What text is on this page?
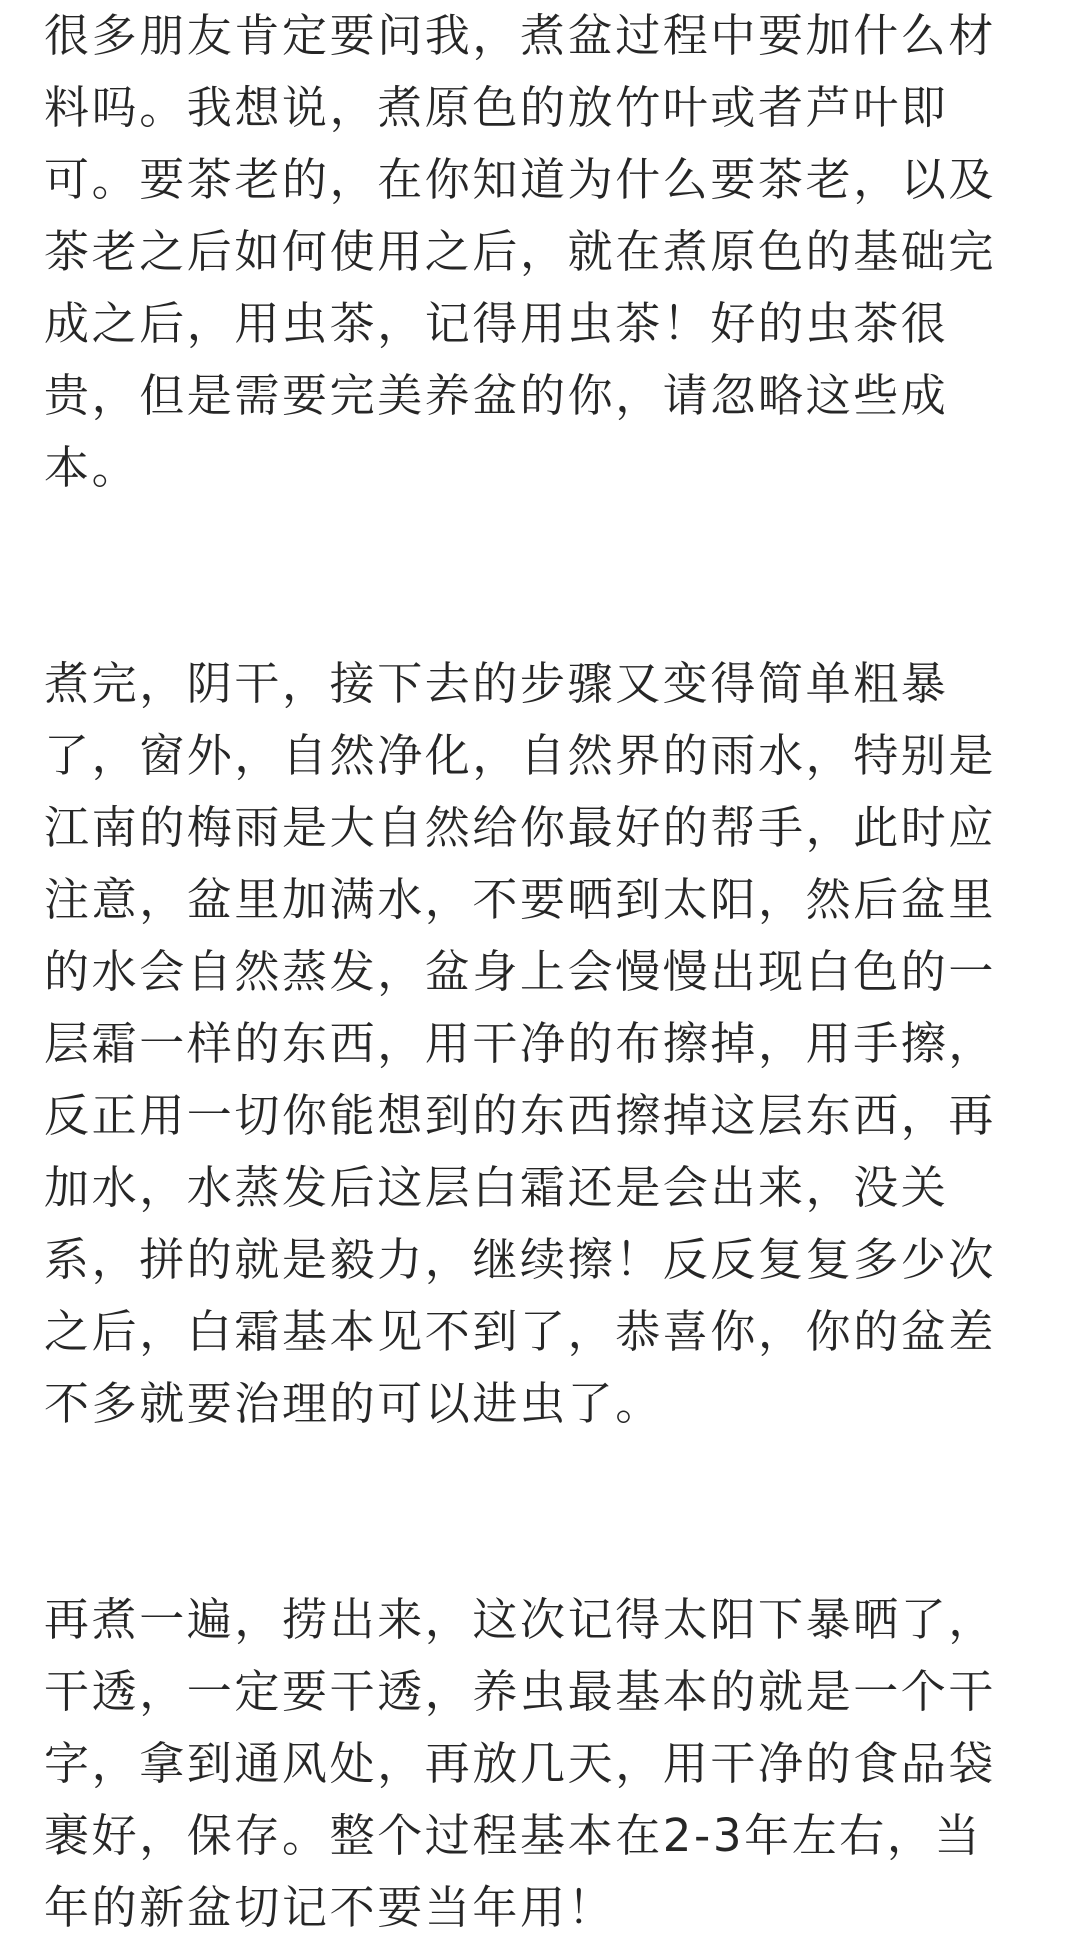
很多朋友肯定要问我，煮盆过程中要加什么材
料吗。我想说，煮原色的放竹叶或者芦叶即
可。要茶老的，在你知道为什么要茶老，以及
茶老之后如何使用之后，就在煮原色的基础完
成之后，用虫茶，记得用虫茶！好的虫茶很
贵，但是需要完美养盆的你，请忽略这些成
本。
煮完，阴干，接下去的步骤又变得简单粗暴
了，窗外，自然净化，自然界的雨水，特别是
江南的梅雨是大自然给你最好的帮手，此时应
注意，盆里加满水，不要晒到太阳，然后盆里
的水会自然蒸发，盆身上会慢慢出现白色的一
层霜一样的东西，用干净的布擦掉，用手擦，
反正用一切你能想到的东西擦掉这层东西，再
加水，水蒸发后这层白霜还是会出来，没关
系，拼的就是毅力，继续擦！反反复复多少次
之后，白霜基本见不到了，恭喜你，你的盆差
不多就要治理的可以进虫了。
再煮一遍，捞出来，这次记得太阳下暴晒了，
干透，一定要干透，养虫最基本的就是一个干
字，拿到通风处，再放几天，用干净的食品袋
裹好，保存。整个过程基本在2-3年左右，当
年的新盆切记不要当年用！
